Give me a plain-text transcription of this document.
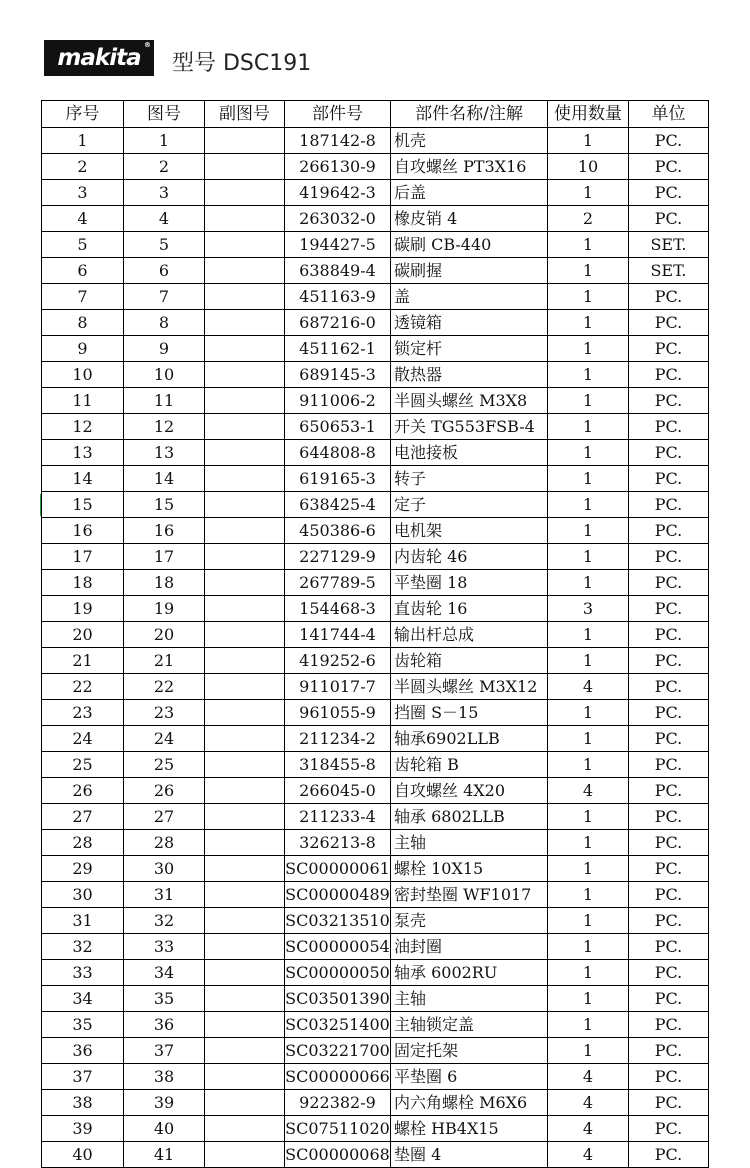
makita ®
型号 DSC191
序号	图号	副图号	部件号	部件名称/注解	使用数量	单位
1	1		187142-8	机壳	1	PC.
2	2		266130-9	自攻螺丝 PT3X16	10	PC.
3	3		419642-3	后盖	1	PC.
4	4		263032-0	橡皮销 4	2	PC.
5	5		194427-5	碳刷 CB-440	1	SET.
6	6		638849-4	碳刷握	1	SET.
7	7		451163-9	盖	1	PC.
8	8		687216-0	透镜箱	1	PC.
9	9		451162-1	锁定杆	1	PC.
10	10		689145-3	散热器	1	PC.
11	11		911006-2	半圆头螺丝 M3X8	1	PC.
12	12		650653-1	开关 TG553FSB-4	1	PC.
13	13		644808-8	电池接板	1	PC.
14	14		619165-3	转子	1	PC.
15	15		638425-4	定子	1	PC.
16	16		450386-6	电机架	1	PC.
17	17		227129-9	内齿轮 46	1	PC.
18	18		267789-5	平垫圈 18	1	PC.
19	19		154468-3	直齿轮 16	3	PC.
20	20		141744-4	输出杆总成	1	PC.
21	21		419252-6	齿轮箱	1	PC.
22	22		911017-7	半圆头螺丝 M3X12	4	PC.
23	23		961055-9	挡圈 S－15	1	PC.
24	24		211234-2	轴承6902LLB	1	PC.
25	25		318455-8	齿轮箱 B	1	PC.
26	26		266045-0	自攻螺丝 4X20	4	PC.
27	27		211233-4	轴承 6802LLB	1	PC.
28	28		326213-8	主轴	1	PC.
29	30		SC00000061	螺栓 10X15	1	PC.
30	31		SC00000489	密封垫圈 WF1017	1	PC.
31	32		SC03213510	泵壳	1	PC.
32	33		SC00000054	油封圈	1	PC.
33	34		SC00000050	轴承 6002RU	1	PC.
34	35		SC03501390	主轴	1	PC.
35	36		SC03251400	主轴锁定盖	1	PC.
36	37		SC03221700	固定托架	1	PC.
37	38		SC00000066	平垫圈 6	4	PC.
38	39		922382-9	内六角螺栓 M6X6	4	PC.
39	40		SC07511020	螺栓 HB4X15	4	PC.
40	41		SC00000068	垫圈 4	4	PC.
